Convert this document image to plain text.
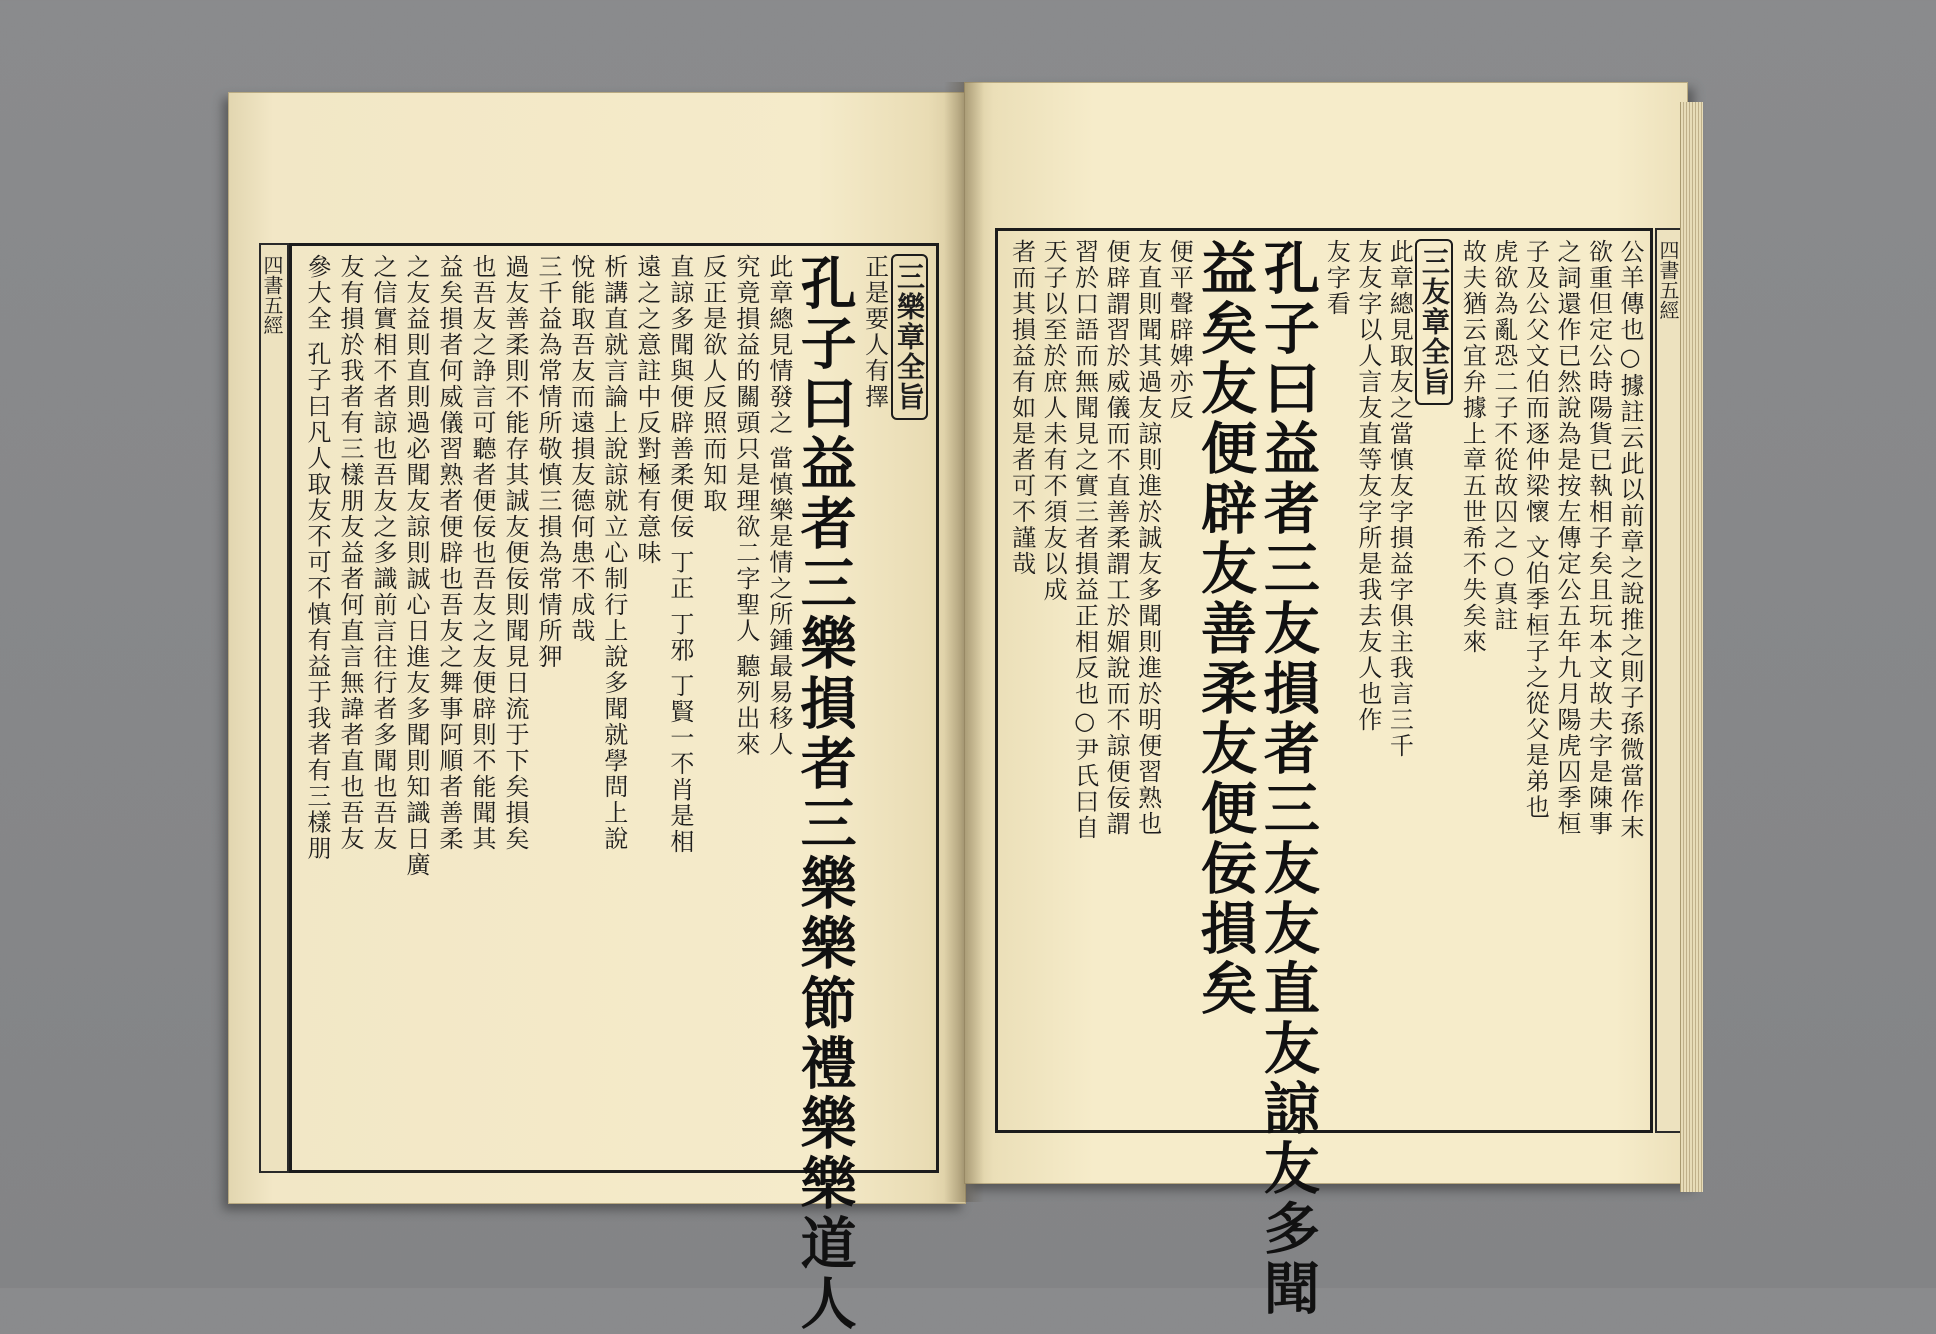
四書五經	三樂章全旨
正是要人有擇
孔子曰益者三樂損者三樂樂節禮樂樂道人
此章總見情發之 當慎樂是情之所鍾最易移人
究竟損益的關頭只是理欲二字聖人 聽列出來
反正是欲人反照而知取
直諒多聞與便辟善柔便佞 丁正 丁邪 丁賢一不肖是相
遠之之意註中反對極有意味
析講直就言論上說諒就立心制行上說多聞就學問上說
悅能取吾友而遠損友德何患不成哉
三千益為常情所敬慎三損為常情所狎
過友善柔則不能存其誠友便佞則聞見日流于下矣損矣
也吾友之諍言可聽者便佞也吾友之友便辟則不能聞其
益矣損者何威儀習熟者便辟也吾友之舞事阿順者善柔
之友益則直則過必聞友諒則誠心日進友多聞則知識日廣
之信實相不者諒也吾友之多識前言往行者多聞也吾友
友有損於我者有三樣朋友益者何直言無諱者直也吾友
參大全 孔子曰凡人取友不可不慎有益于我者有三樣朋	公羊傳也○據註云此以前章之說推之則子孫微當作末
欲重但定公時陽貨已執相子矣且玩本文故夫字是陳事
之詞還作已然說為是按左傳定公五年九月陽虎囚季桓
子及公父文伯而逐仲梁懷 文伯季桓子之從父是弟也
虎欲為亂恐二子不從故囚之○真註
故夫猶云宜弁據上章五世希不失矣來
三友章全旨
此章總見取友之當慎友字損益字俱主我言三千
友友字以人言友直等友字所是我去友人也作
友字看
孔子曰益者三友損者三友友直友諒友多聞
益矣友便辟友善柔友便佞損矣
便平聲辟婢亦反
友直則聞其過友諒則進於誠友多聞則進於明便習熟也
便辟謂習於威儀而不直善柔謂工於媚說而不諒便佞謂
習於口語而無聞見之實三者損益正相反也○尹氏曰自
天子以至於庶人未有不須友以成
者而其損益有如是者可不謹哉	四書五經
